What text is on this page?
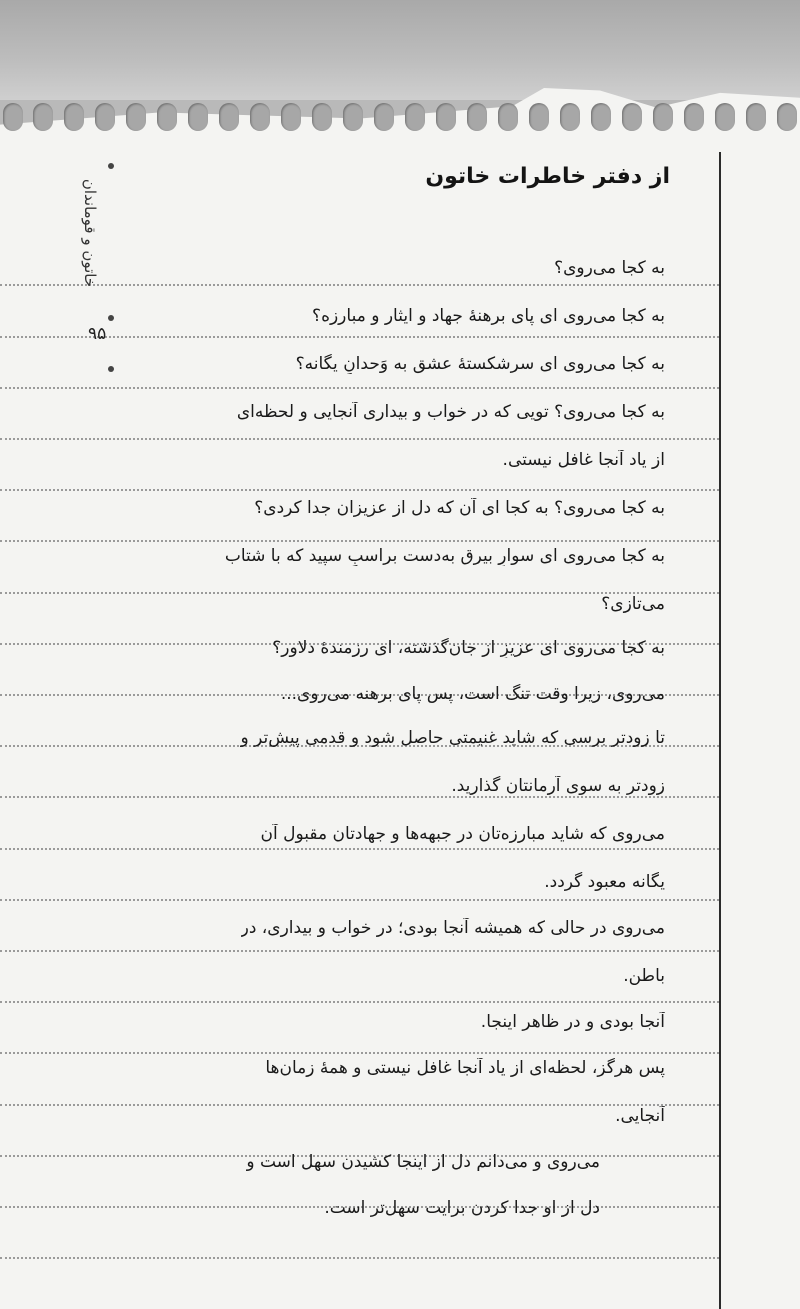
خاتون و قوماندان
۹۵
از دفتر خاطرات خاتون
به کجا می‌روی؟
به کجا می‌روی ای پای برهنهٔ جهاد و ایثار و مبارزه؟
به کجا می‌روی ای سرشکستهٔ عشق به وَحدانِ یگانه؟
به کجا می‌روی؟ تویی که در خواب و بیداری آنجایی و لحظه‌ای
از یاد آنجا غافل نیستی.
به کجا می‌روی؟ به کجا ای آن که دل از عزیزان جدا کردی؟
به کجا می‌روی ای سوارِ بیرق به‌دست براسبِ سپید که با شتاب
می‌تازی؟
به کجا می‌روی ای عزیزِ از جان‌گذشته، ای رزمندهٔ دلاور؟
می‌روی، زیرا وقت تنگ است، پس پای برهنه می‌روی...
تا زودتر برسی که شاید غنیمتی حاصل شود و قدمی پیش‌تر و
زودتر به سوی آرمانتان گذارید.
می‌روی که شاید مبارزه‌تان در جبهه‌ها و جهادتان مقبول آن
یگانه معبود گردد.
می‌روی در حالی که همیشه آنجا بودی؛ در خواب و بیداری، در
باطن.
آنجا بودی و در ظاهر اینجا.
پس هرگز، لحظه‌ای از یاد آنجا غافل نیستی و همهٔ زمان‌ها
آنجایی.
می‌روی و می‌دانم دل از اینجا کشیدن سهل است و
دل از او جدا کردن برایت سهل‌تر است.
